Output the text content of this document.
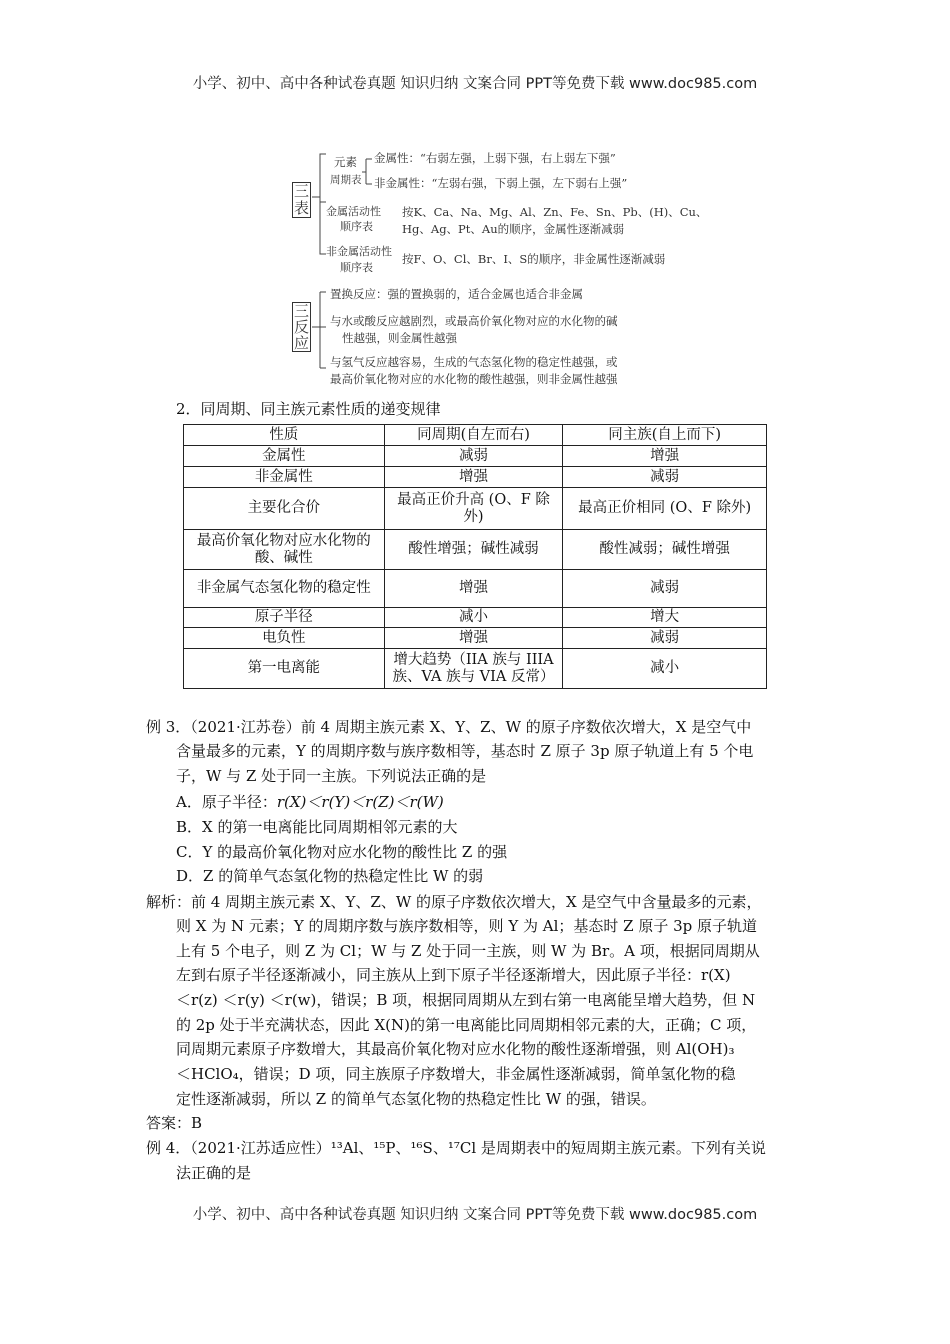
小学、初中、高中各种试卷真题 知识归纳 文案合同 PPT等免费下载 www.doc985.com
三表
三反应
元素
周期表
金属性：“右弱左强，上弱下强，右上弱左下强”
非金属性：“左弱右强，下弱上强，左下弱右上强”
金属活动性
顺序表
按K、Ca、Na、Mg、Al、Zn、Fe、Sn、Pb、(H)、Cu、
Hg、Ag、Pt、Au的顺序，金属性逐渐减弱
非金属活动性
顺序表
按F、O、Cl、Br、I、S的顺序，非金属性逐渐减弱
置换反应：强的置换弱的，适合金属也适合非金属
与水或酸反应越剧烈，或最高价氧化物对应的水化物的碱
性越强，则金属性越强
与氢气反应越容易，生成的气态氢化物的稳定性越强，或
最高价氧化物对应的水化物的酸性越强，则非金属性越强
2．同周期、同主族元素性质的递变规律
性质	同周期(自左而右)	同主族(自上而下)
金属性	减弱	增强
非金属性	增强	减弱
主要化合价	最高正价升高 (O、F 除外)	最高正价相同 (O、F 除外)
最高价氧化物对应水化物的酸、碱性	酸性增强；碱性减弱	酸性减弱；碱性增强
非金属气态氢化物的稳定性	增强	减弱
原子半径	减小	增大
电负性	增强	减弱
第一电离能	增大趋势（IIA 族与 IIIA 族、VA 族与 VIA 反常）	减小
例 3．（2021·江苏卷）前 4 周期主族元素 X、Y、Z、W 的原子序数依次增大，X 是空气中
含量最多的元素，Y 的周期序数与族序数相等，基态时 Z 原子 3p 原子轨道上有 5 个电
子，W 与 Z 处于同一主族。下列说法正确的是
A．原子半径：r(X)＜r(Y)＜r(Z)＜r(W)
B．X 的第一电离能比同周期相邻元素的大
C．Y 的最高价氧化物对应水化物的酸性比 Z 的强
D．Z 的简单气态氢化物的热稳定性比 W 的弱
解析：前 4 周期主族元素 X、Y、Z、W 的原子序数依次增大，X 是空气中含量最多的元素，
则 X 为 N 元素；Y 的周期序数与族序数相等，则 Y 为 Al；基态时 Z 原子 3p 原子轨道
上有 5 个电子，则 Z 为 Cl；W 与 Z 处于同一主族，则 W 为 Br。A 项，根据同周期从
左到右原子半径逐渐减小，同主族从上到下原子半径逐渐增大，因此原子半径：r(X)
＜r(z) ＜r(y) ＜r(w)，错误；B 项，根据同周期从左到右第一电离能呈增大趋势，但 N
的 2p 处于半充满状态，因此 X(N)的第一电离能比同周期相邻元素的大，正确；C 项，
同周期元素原子序数增大，其最高价氧化物对应水化物的酸性逐渐增强，则 Al(OH)₃
＜HClO₄，错误；D 项，同主族原子序数增大，非金属性逐渐减弱，简单氢化物的稳
定性逐渐减弱，所以 Z 的简单气态氢化物的热稳定性比 W 的强，错误。
答案：B
例 4．（2021·江苏适应性）¹³Al、¹⁵P、¹⁶S、¹⁷Cl 是周期表中的短周期主族元素。下列有关说
法正确的是
小学、初中、高中各种试卷真题 知识归纳 文案合同 PPT等免费下载 www.doc985.com
